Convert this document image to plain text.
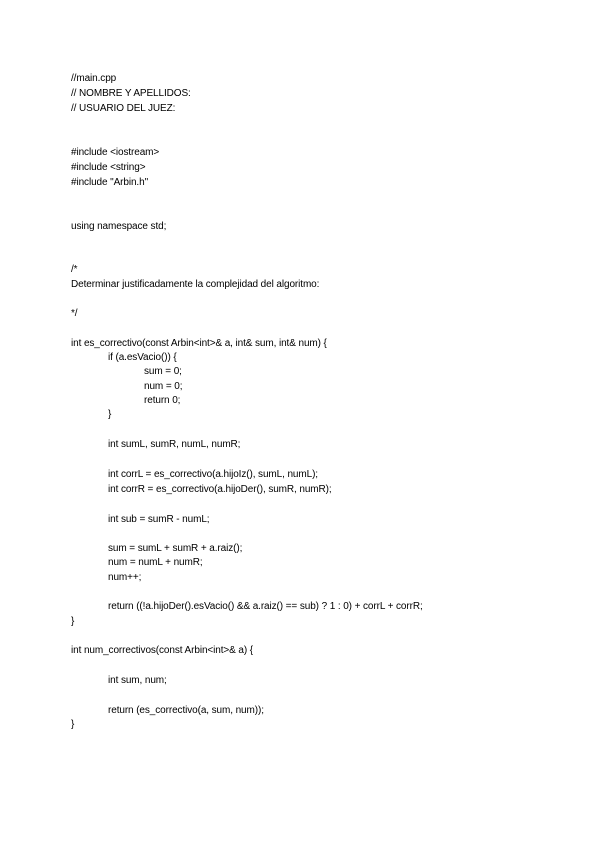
//main.cpp
// NOMBRE Y APELLIDOS:
// USUARIO DEL JUEZ:
#include <iostream>
#include <string>
#include "Arbin.h"
using namespace std;
/*
Determinar justificadamente la complejidad del algoritmo:
*/
int es_correctivo(const Arbin<int>& a, int& sum, int& num) {
if (a.esVacio()) {
sum = 0;
num = 0;
return 0;
}
int sumL, sumR, numL, numR;
int corrL = es_correctivo(a.hijoIz(), sumL, numL);
int corrR = es_correctivo(a.hijoDer(), sumR, numR);
int sub = sumR - numL;
sum = sumL + sumR + a.raiz();
num = numL + numR;
num++;
return ((!a.hijoDer().esVacio() && a.raiz() == sub) ? 1 : 0) + corrL + corrR;
}
int num_correctivos(const Arbin<int>& a) {
int sum, num;
return (es_correctivo(a, sum, num));
}
